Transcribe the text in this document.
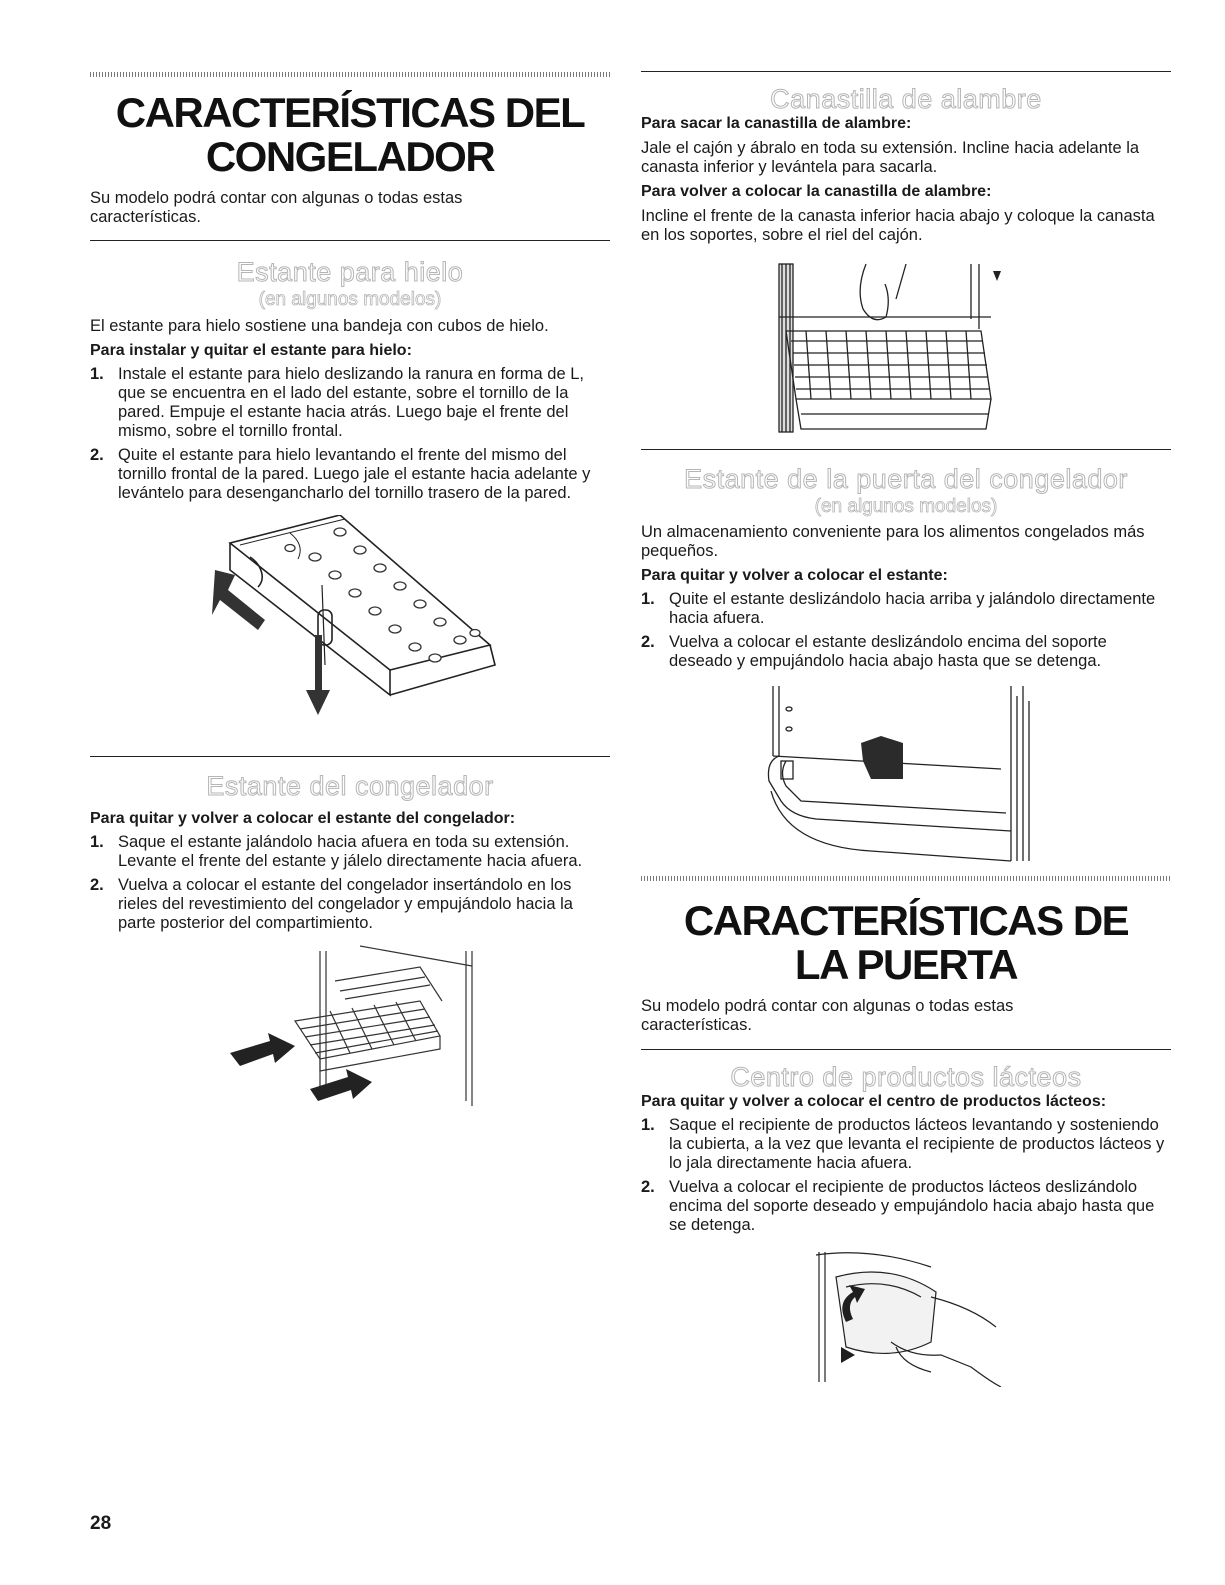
CARACTERÍSTICAS DEL

CONGELADOR

Su modelo podrá contar con algunas o todas estas características.

Estante para hielo

(en algunos modelos)

El estante para hielo sostiene una bandeja con cubos de hielo.

Para instalar y quitar el estante para hielo:

1. Instale el estante para hielo deslizando la ranura en forma de L, que se encuentra en el lado del estante, sobre el tornillo de la pared. Empuje el estante hacia atrás. Luego baje el frente del mismo, sobre el tornillo frontal.
2. Quite el estante para hielo levantando el frente del mismo del tornillo frontal de la pared. Luego jale el estante hacia adelante y levántelo para desengancharlo del tornillo trasero de la pared.

Estante del congelador

Para quitar y volver a colocar el estante del congelador:

1. Saque el estante jalándolo hacia afuera en toda su extensión. Levante el frente del estante y jálelo directamente hacia afuera.
2. Vuelva a colocar el estante del congelador insertándolo en los rieles del revestimiento del congelador y empujándolo hacia la parte posterior del compartimiento.

Canastilla de alambre

Para sacar la canastilla de alambre:

Jale el cajón y ábralo en toda su extensión. Incline hacia adelante la canasta inferior y levántela para sacarla.

Para volver a colocar la canastilla de alambre:

Incline el frente de la canasta inferior hacia abajo y coloque la canasta en los soportes, sobre el riel del cajón.

Estante de la puerta del congelador

(en algunos modelos)

Un almacenamiento conveniente para los alimentos congelados más pequeños.

Para quitar y volver a colocar el estante:

1. Quite el estante deslizándolo hacia arriba y jalándolo directamente hacia afuera.
2. Vuelva a colocar el estante deslizándolo encima del soporte deseado y empujándolo hacia abajo hasta que se detenga.

CARACTERÍSTICAS DE

LA PUERTA

Su modelo podrá contar con algunas o todas estas características.

Centro de productos lácteos

Para quitar y volver a colocar el centro de productos lácteos:

1. Saque el recipiente de productos lácteos levantando y sosteniendo la cubierta, a la vez que levanta el recipiente de productos lácteos y lo jala directamente hacia afuera.
2. Vuelva a colocar el recipiente de productos lácteos deslizándolo encima del soporte deseado y empujándolo hacia abajo hasta que se detenga.
28
